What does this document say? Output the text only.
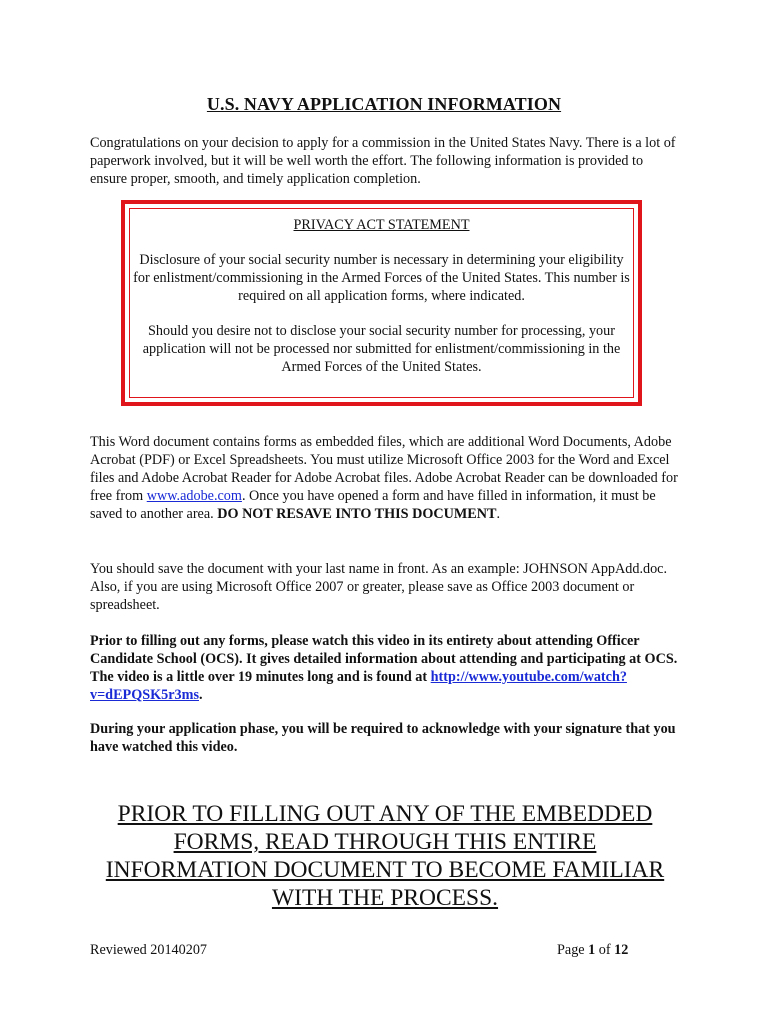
U.S. NAVY APPLICATION INFORMATION
Congratulations on your decision to apply for a commission in the United States Navy. There is a lot of paperwork involved, but it will be well worth the effort. The following information is provided to ensure proper, smooth, and timely application completion.
PRIVACY ACT STATEMENT
Disclosure of your social security number is necessary in determining your eligibility for enlistment/commissioning in the Armed Forces of the United States. This number is required on all application forms, where indicated.
Should you desire not to disclose your social security number for processing, your application will not be processed nor submitted for enlistment/commissioning in the Armed Forces of the United States.
This Word document contains forms as embedded files, which are additional Word Documents, Adobe Acrobat (PDF) or Excel Spreadsheets. You must utilize Microsoft Office 2003 for the Word and Excel files and Adobe Acrobat Reader for Adobe Acrobat files. Adobe Acrobat Reader can be downloaded for free from www.adobe.com. Once you have opened a form and have filled in information, it must be saved to another area. DO NOT RESAVE INTO THIS DOCUMENT.
You should save the document with your last name in front. As an example: JOHNSON AppAdd.doc. Also, if you are using Microsoft Office 2007 or greater, please save as Office 2003 document or spreadsheet.
Prior to filling out any forms, please watch this video in its entirety about attending Officer Candidate School (OCS). It gives detailed information about attending and participating at OCS. The video is a little over 19 minutes long and is found at http://www.youtube.com/watch?v=dEPQSK5r3ms.
During your application phase, you will be required to acknowledge with your signature that you have watched this video.
PRIOR TO FILLING OUT ANY OF THE EMBEDDED FORMS, READ THROUGH THIS ENTIRE INFORMATION DOCUMENT TO BECOME FAMILIAR WITH THE PROCESS.
Reviewed 20140207	Page 1 of 12
